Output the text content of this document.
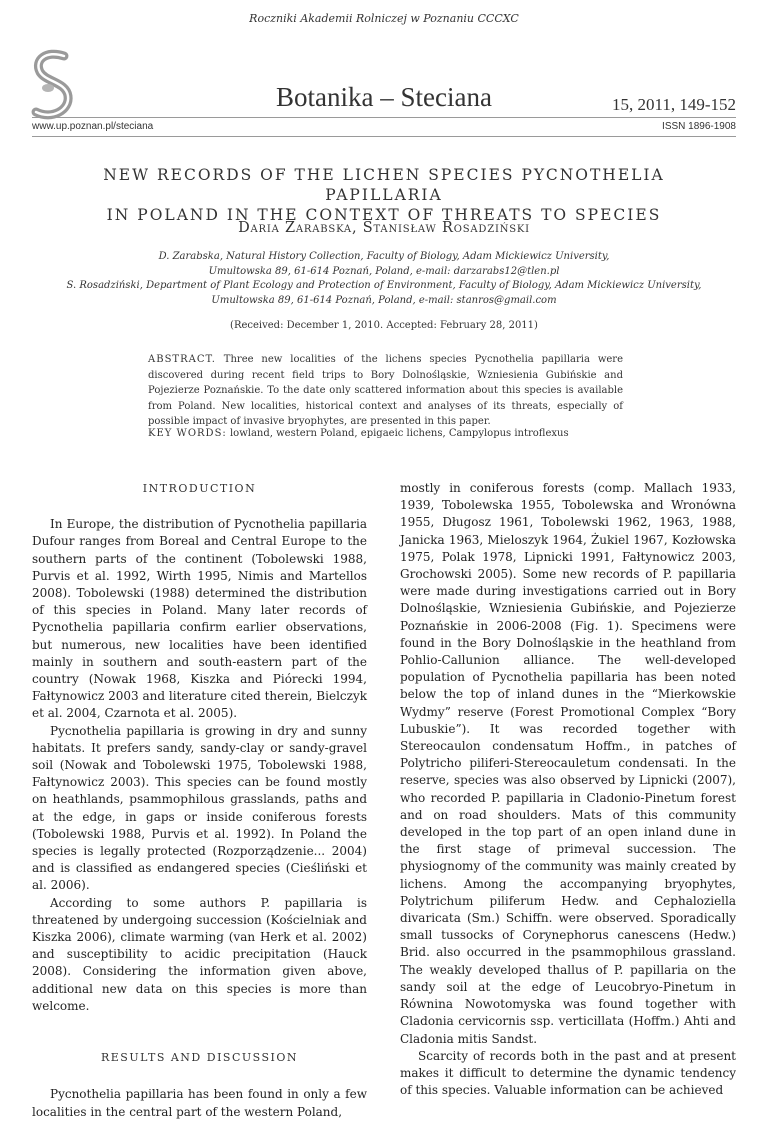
Roczniki Akademii Rolniczej w Poznaniu CCCXC
Botanika – Steciana	15, 2011, 149-152
www.up.poznan.pl/steciana	ISSN 1896-1908
NEW RECORDS OF THE LICHEN SPECIES PYCNOTHELIA PAPILLARIA
IN POLAND IN THE CONTEXT OF THREATS TO SPECIES
Daria Zarabska, Stanisław Rosadziński
D. Zarabska, Natural History Collection, Faculty of Biology, Adam Mickiewicz University,
Umultowska 89, 61-614 Poznań, Poland, e-mail: darzarabs12@tlen.pl
S. Rosadziński, Department of Plant Ecology and Protection of Environment, Faculty of Biology, Adam Mickiewicz University,
Umultowska 89, 61-614 Poznań, Poland, e-mail: stanros@gmail.com
(Received: December 1, 2010. Accepted: February 28, 2011)
ABSTRACT. Three new localities of the lichens species Pycnothelia papillaria were discovered during recent field trips to Bory Dolnośląskie, Wzniesienia Gubińskie and Pojezierze Poznańskie. To the date only scattered information about this species is available from Poland. New localities, historical context and analyses of its threats, especially of possible impact of invasive bryophytes, are presented in this paper.
KEY WORDS: lowland, western Poland, epigaeic lichens, Campylopus introflexus
INTRODUCTION

In Europe, the distribution of Pycnothelia papillaria Dufour ranges from Boreal and Central Europe to the southern parts of the continent (Tobolewski 1988, Purvis et al. 1992, Wirth 1995, Nimis and Martellos 2008). Tobolewski (1988) determined the distribution of this species in Poland. Many later records of Pycnothelia papillaria confirm earlier observations, but numerous, new localities have been identified mainly in southern and south-eastern part of the country (Nowak 1968, Kiszka and Piórecki 1994, Fałtynowicz 2003 and literature cited therein, Bielczyk et al. 2004, Czarnota et al. 2005).

Pycnothelia papillaria is growing in dry and sunny habitats. It prefers sandy, sandy-clay or sandy-gravel soil (Nowak and Tobolewski 1975, Tobolewski 1988, Fałtynowicz 2003). This species can be found mostly on heathlands, psammophilous grasslands, paths and at the edge, in gaps or inside coniferous forests (Tobolewski 1988, Purvis et al. 1992). In Poland the species is legally protected (Rozporządzenie... 2004) and is classified as endangered species (Cieśliński et al. 2006).

According to some authors P. papillaria is threatened by undergoing succession (Kościelniak and Kiszka 2006), climate warming (van Herk et al. 2002) and susceptibility to acidic precipitation (Hauck 2008). Considering the information given above, additional new data on this species is more than welcome.

RESULTS AND DISCUSSION

Pycnothelia papillaria has been found in only a few localities in the central part of the western Poland,

mostly in coniferous forests (comp. Mallach 1933, 1939, Tobolewska 1955, Tobolewska and Wronówna 1955, Długosz 1961, Tobolewski 1962, 1963, 1988, Janicka 1963, Mieloszyk 1964, Żukiel 1967, Kozłowska 1975, Polak 1978, Lipnicki 1991, Fałtynowicz 2003, Grochowski 2005). Some new records of P. papillaria were made during investigations carried out in Bory Dolnośląskie, Wzniesienia Gubińskie, and Pojezierze Poznańskie in 2006-2008 (Fig. 1). Specimens were found in the Bory Dolnośląskie in the heathland from Pohlio-Callunion alliance. The well-developed population of Pycnothelia papillaria has been noted below the top of inland dunes in the “Mierkowskie Wydmy” reserve (Forest Promotional Complex “Bory Lubuskie”). It was recorded together with Stereocaulon condensatum Hoffm., in patches of Polytricho piliferi-Stereocauletum condensati. In the reserve, species was also observed by Lipnicki (2007), who recorded P. papillaria in Cladonio-Pinetum forest and on road shoulders. Mats of this community developed in the top part of an open inland dune in the first stage of primeval succession. The physiognomy of the community was mainly created by lichens. Among the accompanying bryophytes, Polytrichum piliferum Hedw. and Cephaloziella divaricata (Sm.) Schiffn. were observed. Sporadically small tussocks of Corynephorus canescens (Hedw.) Brid. also occurred in the psammophilous grassland. The weakly developed thallus of P. papillaria on the sandy soil at the edge of Leucobryo-Pinetum in Równina Nowotomyska was found together with Cladonia cervicornis ssp. verticillata (Hoffm.) Ahti and Cladonia mitis Sandst.

Scarcity of records both in the past and at present makes it difficult to determine the dynamic tendency of this species. Valuable information can be achieved
